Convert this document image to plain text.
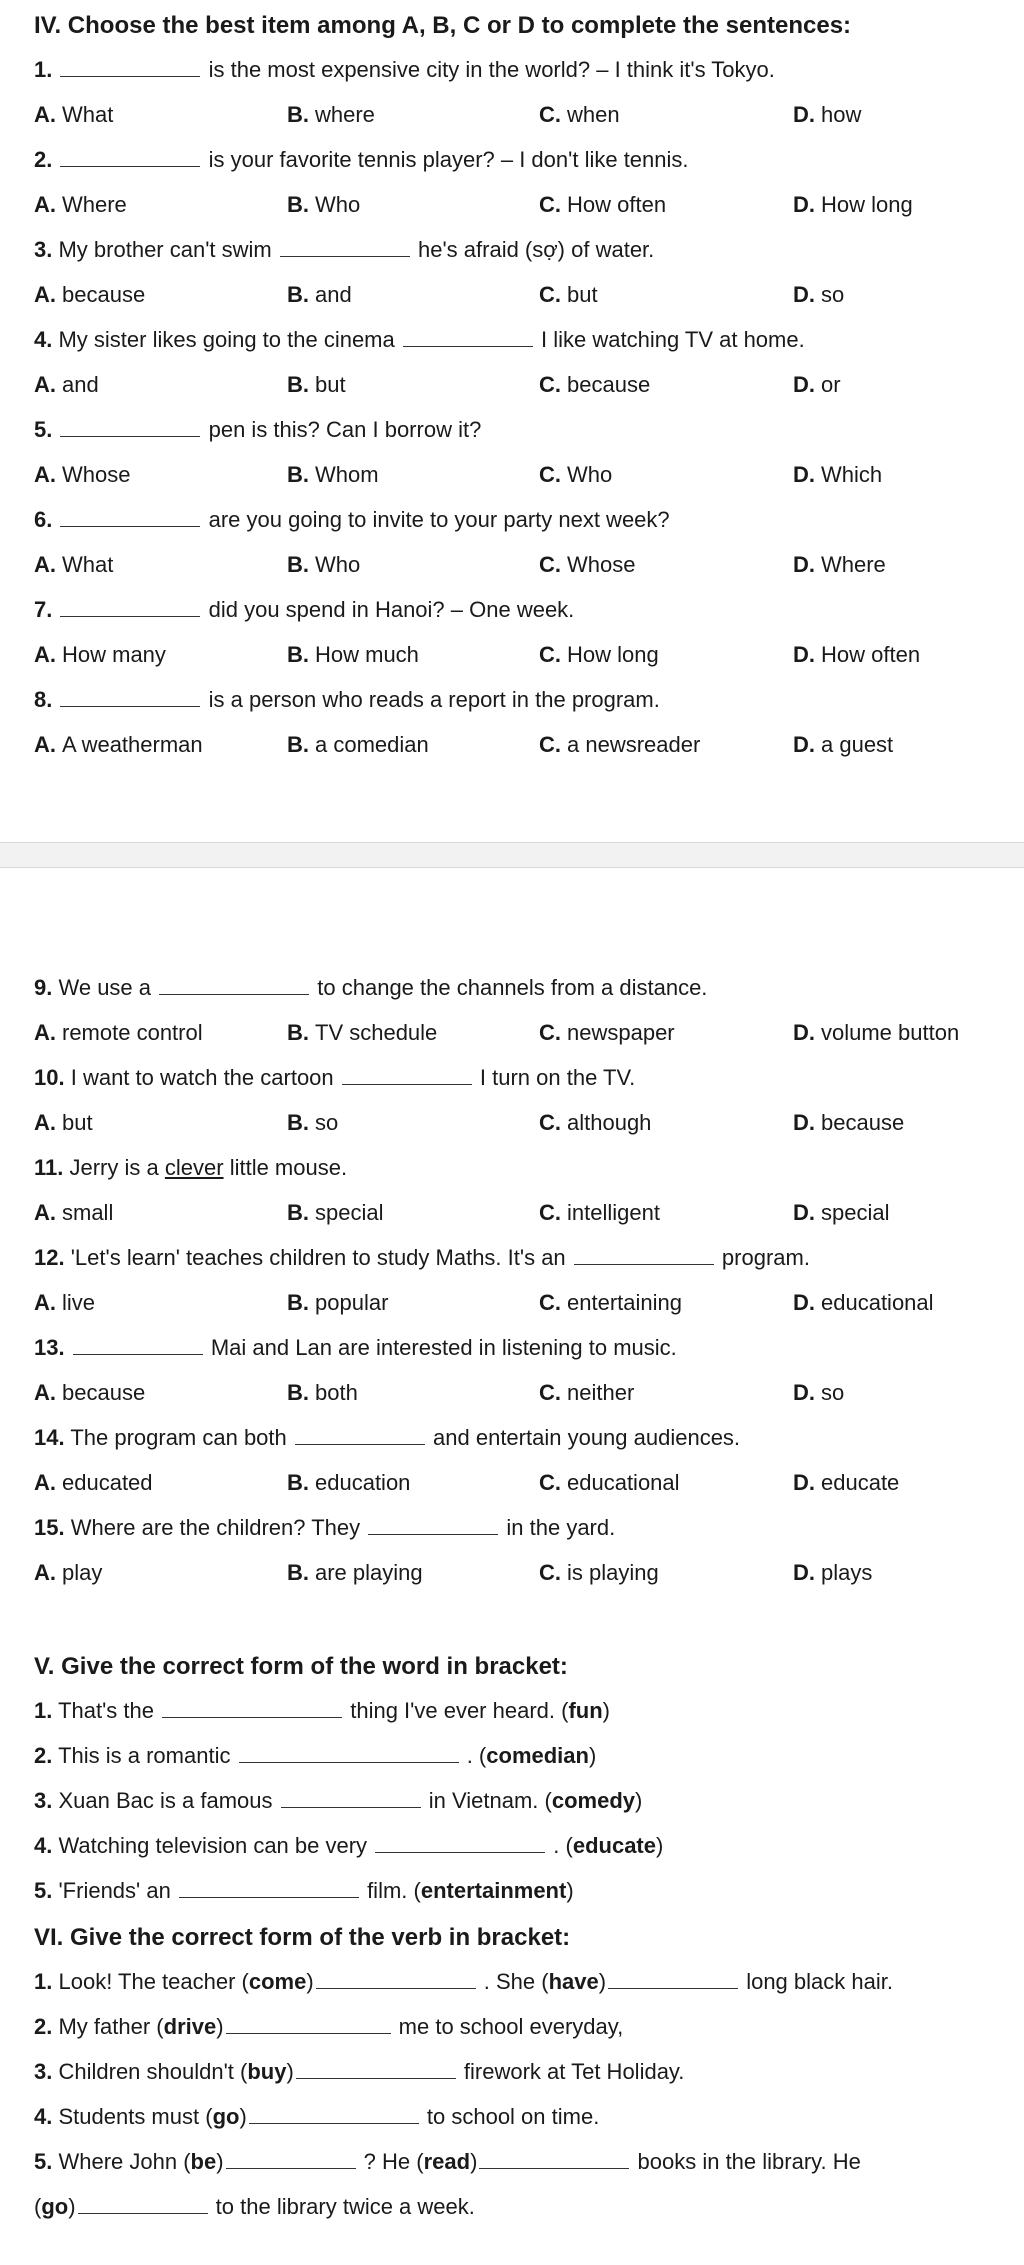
IV. Choose the best item among A, B, C or D to complete the sentences:
1.	is the most expensive city in the world? – I think it's Tokyo.
A. What	B. where	C. when	D. how
2.	is your favorite tennis player? – I don't like tennis.
A. Where	B. Who	C. How often	D. How long
3. My brother can't swim	he's afraid (sợ) of water.
A. because	B. and	C. but	D. so
4. My sister likes going to the cinema	I like watching TV at home.
A. and	B. but	C. because	D. or
5.	pen is this? Can I borrow it?
A. Whose	B. Whom	C. Who	D. Which
6.	are you going to invite to your party next week?
A. What	B. Who	C. Whose	D. Where
7.	did you spend in Hanoi? – One week.
A. How many	B. How much	C. How long	D. How often
8.	is a person who reads a report in the program.
A. A weatherman	B. a comedian	C. a newsreader	D. a guest
9. We use a	to change the channels from a distance.
A. remote control	B. TV schedule	C. newspaper	D. volume button
10. I want to watch the cartoon	I turn on the TV.
A. but	B. so	C. although	D. because
11. Jerry is a clever little mouse.
A. small	B. special	C. intelligent	D. special
12. 'Let's learn' teaches children to study Maths. It's an	program.
A. live	B. popular	C. entertaining	D. educational
13.	Mai and Lan are interested in listening to music.
A. because	B. both	C. neither	D. so
14. The program can both	and entertain young audiences.
A. educated	B. education	C. educational	D. educate
15. Where are the children? They	in the yard.
A. play	B. are playing	C. is playing	D. plays
V. Give the correct form of the word in bracket:
1. That's the	thing I've ever heard. (fun)
2. This is a romantic	. (comedian)
3. Xuan Bac is a famous	in Vietnam. (comedy)
4. Watching television can be very	. (educate)
5. 'Friends' an	film. (entertainment)
VI. Give the correct form of the verb in bracket:
1. Look! The teacher (come)	. She (have)	long black hair.
2. My father (drive)	me to school everyday,
3. Children shouldn't (buy)	firework at Tet Holiday.
4. Students must (go)	to school on time.
5. Where John (be)	? He (read)	books in the library. He
(go)	to the library twice a week.
